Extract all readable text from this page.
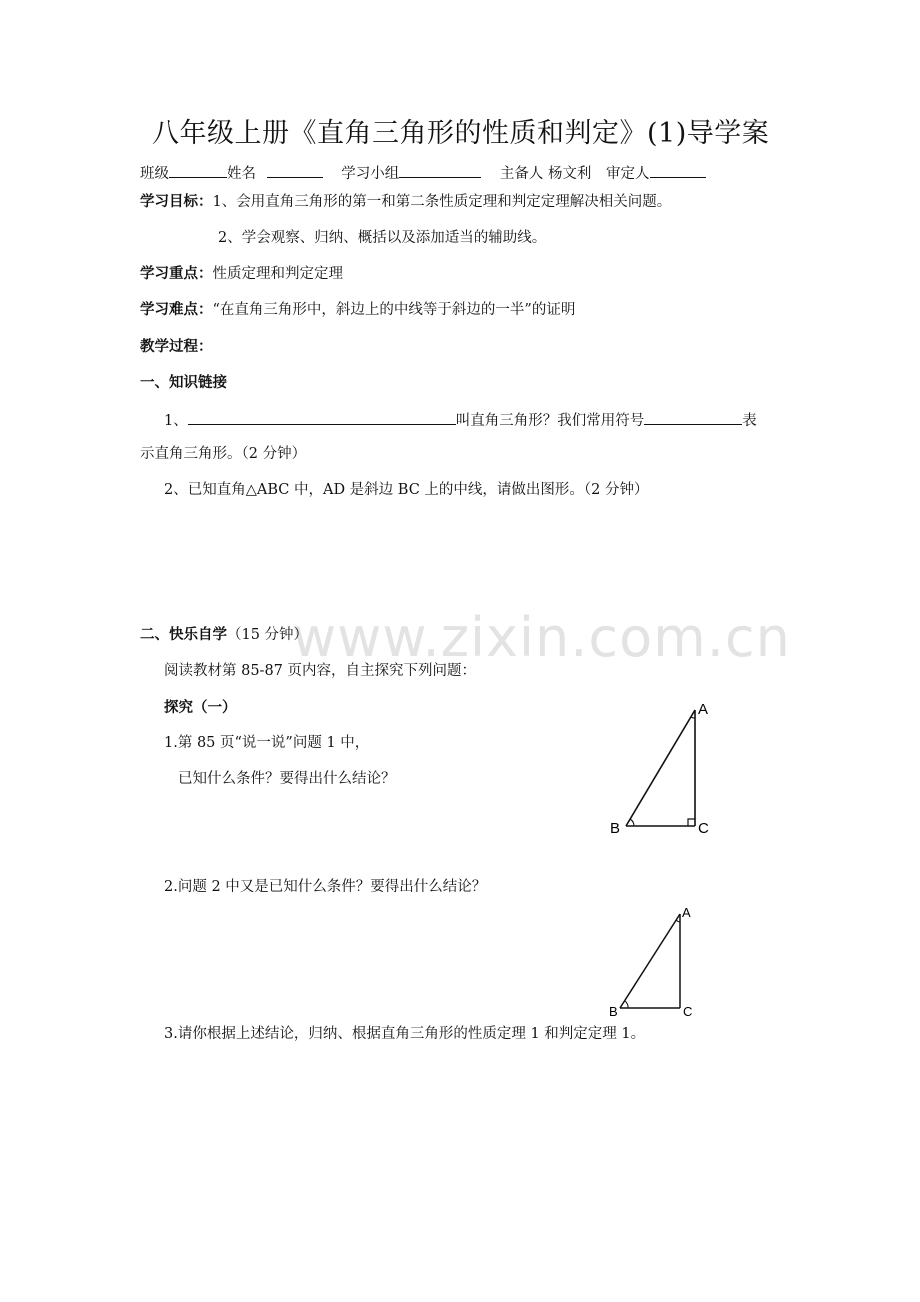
www.zixin.com.cn
八年级上册《直角三角形的性质和判定》(1)导学案
班级	姓名	学习小组	主备人 杨文利 审定人
学习目标：1、会用直角三角形的第一和第二条性质定理和判定定理解决相关问题。
2、学会观察、归纳、概括以及添加适当的辅助线。
学习重点：性质定理和判定定理
学习难点：“在直角三角形中，斜边上的中线等于斜边的一半”的证明
教学过程：
一、知识链接
1、	叫直角三角形？我们常用符号	表
示直角三角形。（2 分钟）
2、已知直角△ABC 中，AD 是斜边 BC 上的中线，请做出图形。（2 分钟）
二、快乐自学（15 分钟）
阅读教材第 85-87 页内容，自主探究下列问题：
探究（一）
1.第 85 页“说一说”问题 1 中，
已知什么条件？要得出什么结论？
2.问题 2 中又是已知什么条件？要得出什么结论？
3.请你根据上述结论，归纳、根据直角三角形的性质定理 1 和判定定理 1。
A
B	C
A
B	C
